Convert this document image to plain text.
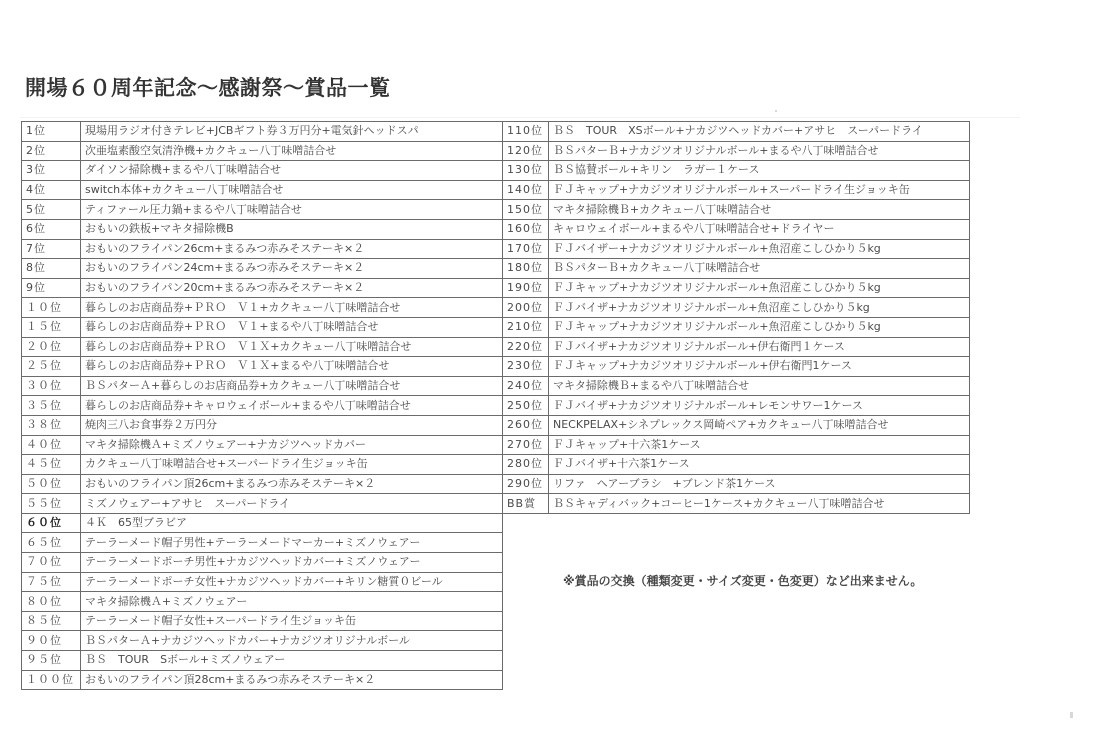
開場６０周年記念～感謝祭～賞品一覧
1位	現場用ラジオ付きテレビ+JCBギフト券３万円分+電気針ヘッドスパ
2位	次亜塩素酸空気清浄機+カクキュー八丁味噌詰合せ
3位	ダイソン掃除機+まるや八丁味噌詰合せ
4位	switch本体+カクキュー八丁味噌詰合せ
5位	ティファール圧力鍋+まるや八丁味噌詰合せ
6位	おもいの鉄板+マキタ掃除機B
7位	おもいのフライパン26cm+まるみつ赤みそステーキ×２
8位	おもいのフライパン24cm+まるみつ赤みそステーキ×２
9位	おもいのフライパン20cm+まるみつ赤みそステーキ×２
１０位	暮らしのお店商品券+ＰＲＯ　Ｖ１+カクキュー八丁味噌詰合せ
１５位	暮らしのお店商品券+ＰＲＯ　Ｖ１+まるや八丁味噌詰合せ
２０位	暮らしのお店商品券+ＰＲＯ　Ｖ１Ｘ+カクキュー八丁味噌詰合せ
２５位	暮らしのお店商品券+ＰＲＯ　Ｖ１Ｘ+まるや八丁味噌詰合せ
３０位	ＢＳパターＡ+暮らしのお店商品券+カクキュー八丁味噌詰合せ
３５位	暮らしのお店商品券+キャロウェイボール+まるや八丁味噌詰合せ
３８位	焼肉三八お食事券２万円分
４０位	マキタ掃除機Ａ+ミズノウェアー+ナカジツヘッドカバー
４５位	カクキュー八丁味噌詰合せ+スーパードライ生ジョッキ缶
５０位	おもいのフライパン頂26cm+まるみつ赤みそステーキ×２
５５位	ミズノウェアー+アサヒ　スーパードライ
６０位	４Ｋ　65型ブラビア
６５位	テーラーメード帽子男性+テーラーメードマーカー+ミズノウェアー
７０位	テーラーメードポーチ男性+ナカジツヘッドカバー+ミズノウェアー
７５位	テーラーメードポーチ女性+ナカジツヘッドカバー+キリン糖質０ビール
８０位	マキタ掃除機Ａ+ミズノウェアー
８５位	テーラーメード帽子女性+スーパードライ生ジョッキ缶
９０位	ＢＳパターＡ+ナカジツヘッドカバー+ナカジツオリジナルボール
９５位	ＢＳ　TOUR　Sボール+ミズノウェアー
１００位	おもいのフライパン頂28cm+まるみつ赤みそステーキ×２
110位	ＢＳ　TOUR　XSボール+ナカジツヘッドカバー+アサヒ　スーパードライ
120位	ＢＳパターＢ+ナカジツオリジナルボール+まるや八丁味噌詰合せ
130位	ＢＳ協賛ボール+キリン　ラガー１ケース
140位	ＦＪキャップ+ナカジツオリジナルボール+スーパードライ生ジョッキ缶
150位	マキタ掃除機Ｂ+カクキュー八丁味噌詰合せ
160位	キャロウェイボール+まるや八丁味噌詰合せ+ドライヤー
170位	ＦＪバイザー+ナカジツオリジナルボール+魚沼産こしひかり５kg
180位	ＢＳパターＢ+カクキュー八丁味噌詰合せ
190位	ＦＪキャップ+ナカジツオリジナルボール+魚沼産こしひかり５kg
200位	ＦＪバイザ+ナカジツオリジナルボール+魚沼産こしひかり５kg
210位	ＦＪキャップ+ナカジツオリジナルボール+魚沼産こしひかり５kg
220位	ＦＪバイザ+ナカジツオリジナルボール+伊右衛門１ケース
230位	ＦＪキャップ+ナカジツオリジナルボール+伊右衛門1ケース
240位	マキタ掃除機Ｂ+まるや八丁味噌詰合せ
250位	ＦＪバイザ+ナカジツオリジナルボール+レモンサワー1ケース
260位	NECKPELAX+シネプレックス岡崎ペア+カクキュー八丁味噌詰合せ
270位	ＦＪキャップ+十六茶1ケース
280位	ＦＪバイザ+十六茶1ケース
290位	リファ　ヘアーブラシ　+ブレンド茶1ケース
BB賞	ＢＳキャディバック+コーヒー1ケース+カクキュー八丁味噌詰合せ
※賞品の交換（種類変更・サイズ変更・色変更）など出来ません。
